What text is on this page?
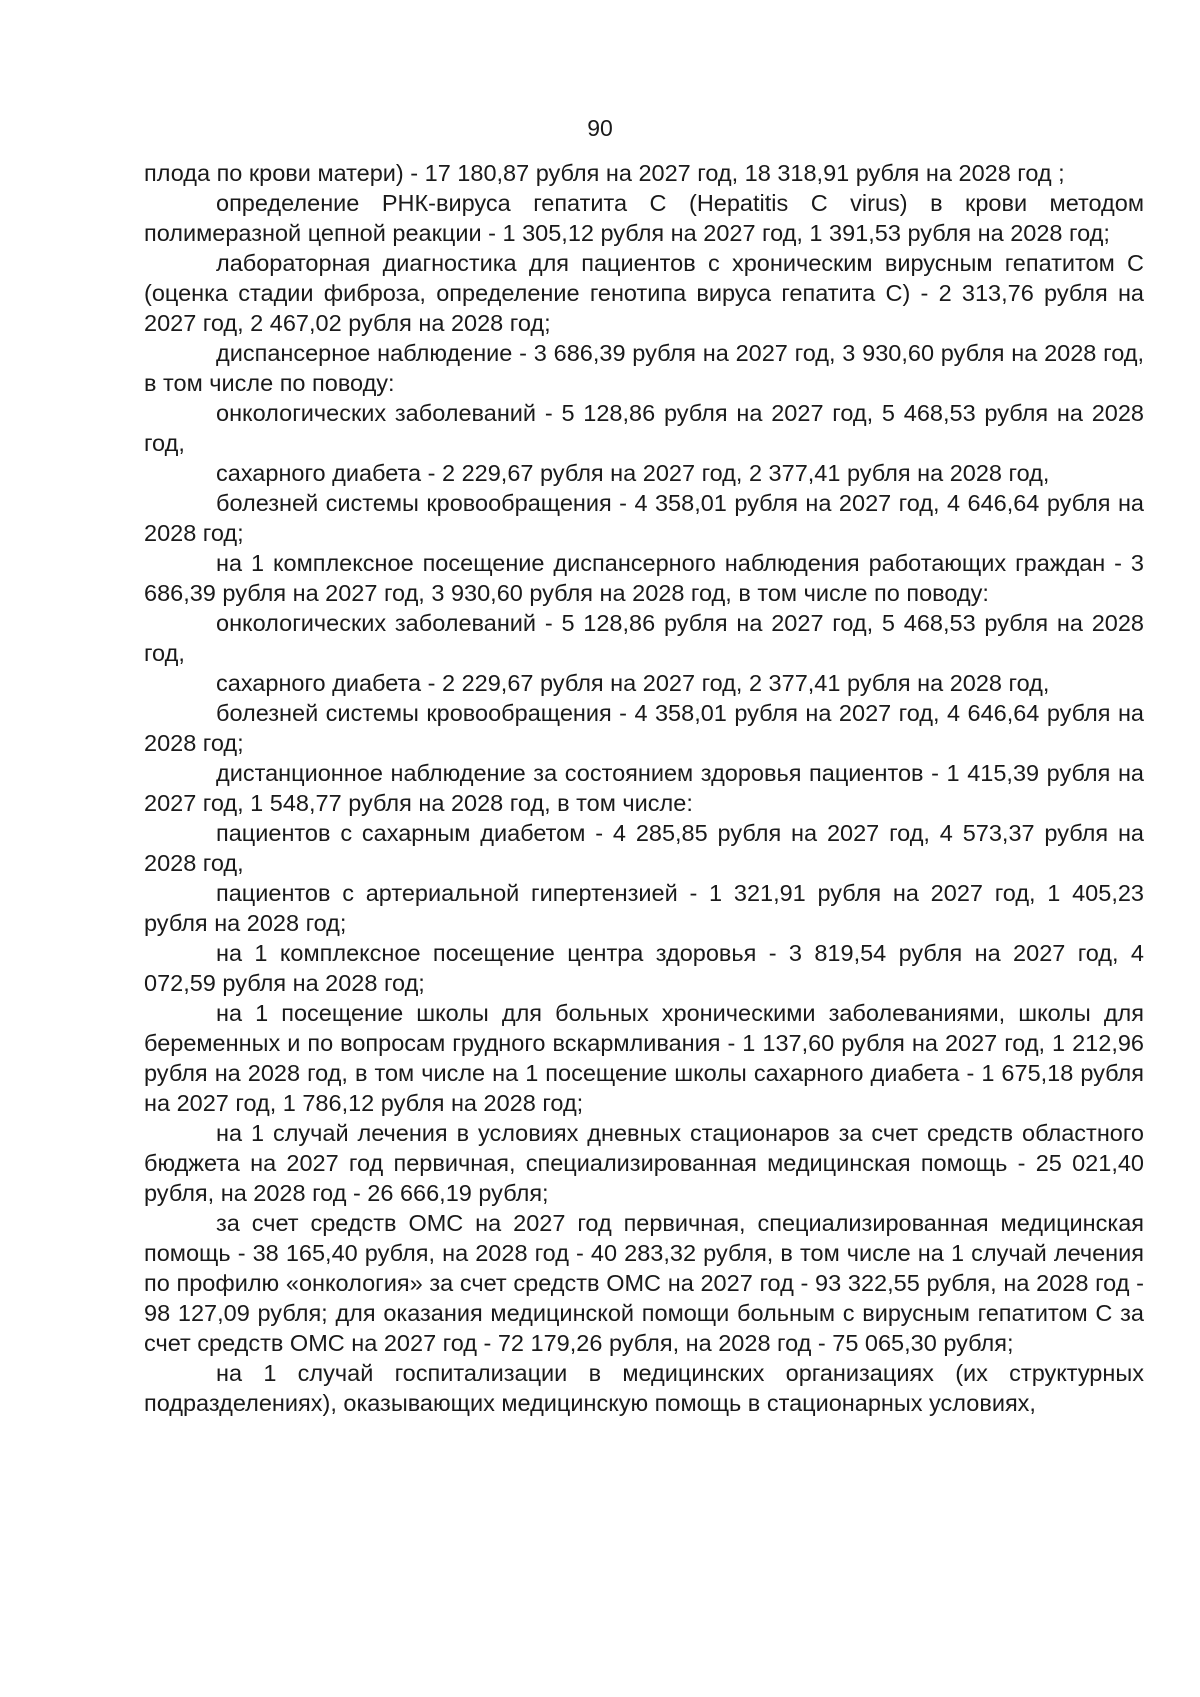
90

плода по крови матери) - 17 180,87 рубля на 2027 год, 18 318,91 рубля на 2028 год ;

определение РНК-вируса гепатита С (Hepatitis C virus) в крови методом полимеразной цепной реакции - 1 305,12 рубля на 2027 год, 1 391,53 рубля на 2028 год;

лабораторная диагностика для пациентов с хроническим вирусным гепатитом С (оценка стадии фиброза, определение генотипа вируса гепатита С) - 2 313,76 рубля на 2027 год, 2 467,02 рубля на 2028 год;

диспансерное наблюдение - 3 686,39 рубля на 2027 год, 3 930,60 рубля на 2028 год, в том числе по поводу:

онкологических заболеваний - 5 128,86 рубля на 2027 год, 5 468,53 рубля на 2028 год,

сахарного диабета - 2 229,67 рубля на 2027 год, 2 377,41 рубля на 2028 год,

болезней системы кровообращения - 4 358,01 рубля на 2027 год, 4 646,64 рубля на 2028 год;

на 1 комплексное посещение диспансерного наблюдения работающих граждан - 3 686,39 рубля на 2027 год, 3 930,60 рубля на 2028 год, в том числе по поводу:

онкологических заболеваний - 5 128,86 рубля на 2027 год, 5 468,53 рубля на 2028 год,

сахарного диабета - 2 229,67 рубля на 2027 год, 2 377,41 рубля на 2028 год,

болезней системы кровообращения - 4 358,01 рубля на 2027 год, 4 646,64 рубля на 2028 год;

дистанционное наблюдение за состоянием здоровья пациентов - 1 415,39 рубля на 2027 год, 1 548,77 рубля на 2028 год, в том числе:

пациентов с сахарным диабетом - 4 285,85 рубля на 2027 год, 4 573,37 рубля на 2028 год,

пациентов с артериальной гипертензией - 1 321,91 рубля на 2027 год, 1 405,23 рубля на 2028 год;

на 1 комплексное посещение центра здоровья - 3 819,54 рубля на 2027 год, 4 072,59 рубля на 2028 год;

на 1 посещение школы для больных хроническими заболеваниями, школы для беременных и по вопросам грудного вскармливания - 1 137,60 рубля на 2027 год, 1 212,96 рубля на 2028 год, в том числе на 1 посещение школы сахарного диабета - 1 675,18 рубля на 2027 год, 1 786,12 рубля на 2028 год;

на 1 случай лечения в условиях дневных стационаров за счет средств областного бюджета на 2027 год первичная, специализированная медицинская помощь - 25 021,40 рубля, на 2028 год - 26 666,19 рубля;

за счет средств ОМС на 2027 год первичная, специализированная медицинская помощь - 38 165,40 рубля, на 2028 год - 40 283,32 рубля, в том числе на 1 случай лечения по профилю «онкология» за счет средств ОМС на 2027 год - 93 322,55 рубля, на 2028 год - 98 127,09 рубля; для оказания медицинской помощи больным с вирусным гепатитом С за счет средств ОМС на 2027 год - 72 179,26 рубля, на 2028 год - 75 065,30 рубля;

на 1 случай госпитализации в медицинских организациях (их структурных подразделениях), оказывающих медицинскую помощь в стационарных условиях,
